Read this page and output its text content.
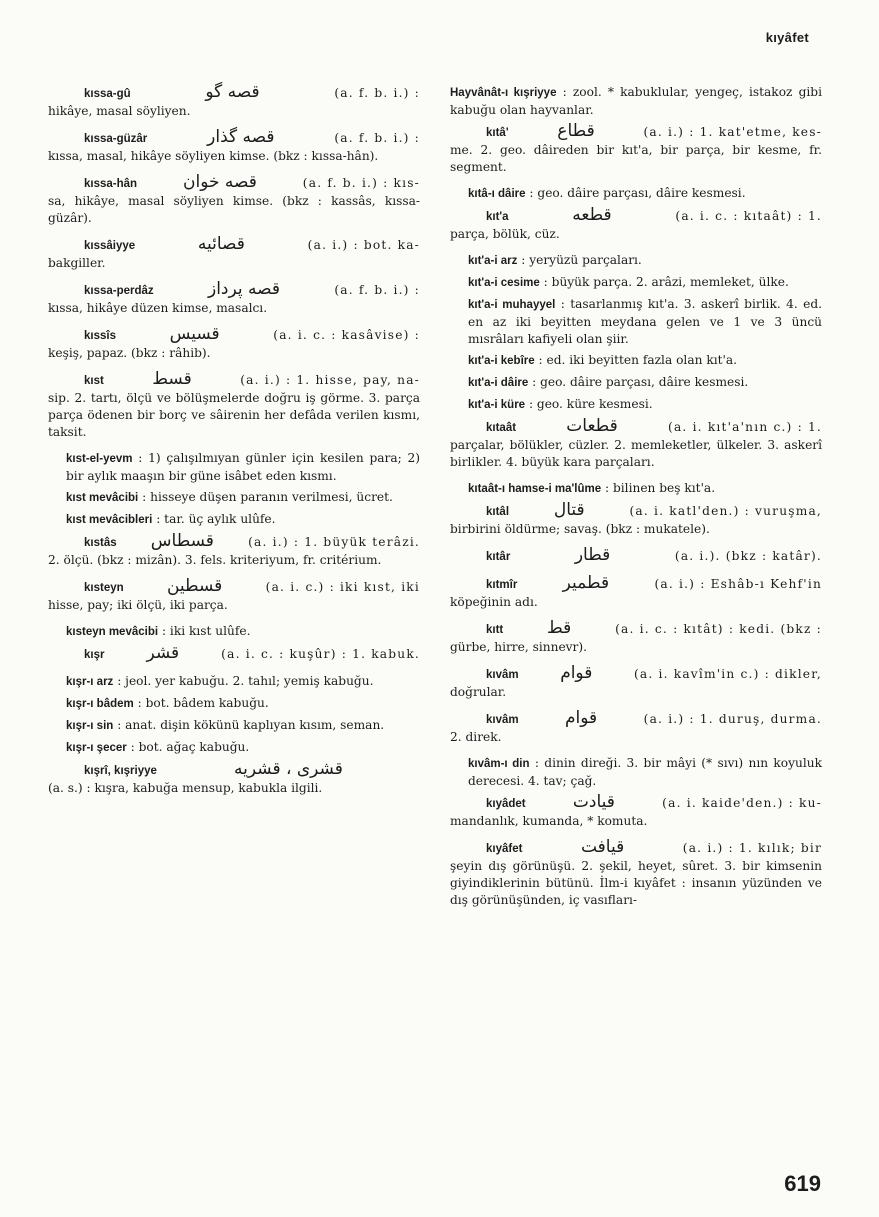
kıyâfet
kıssa-gû	قصه گو	(a. f. b. i.) :
hikâye, masal söyliyen.
kıssa-güzâr	قصه گذار	(a. f. b. i.) :
kıssa, masal, hikâye söyliyen kimse. (bkz : kıssa-hân).
kıssa-hân	قصه خوان	(a. f. b. i.) : kıs-
sa, hikâye, masal söyliyen kimse. (bkz : kassâs, kıssa-güzâr).
kıssâiyye	قصائيه	(a. i.) : bot. ka-
bakgiller.
kıssa-perdâz	قصه پرداز	(a. f. b. i.) :
kıssa, hikâye düzen kimse, masalcı.
kıssîs	قسيس	(a. i. c. : kasâvise) :
keşiş, papaz. (bkz : râhib).
kıst	قسط	(a. i.) : 1. hisse, pay, na-
sip. 2. tartı, ölçü ve bölüşmelerde doğru iş görme. 3. parça parça ödenen bir borç ve sâirenin her defâda verilen kısmı, taksit.
kıst-el-yevm : 1) çalışılmıyan günler için kesilen para; 2) bir aylık maaşın bir güne isâbet eden kısmı.
kıst mevâcibi : hisseye düşen paranın verilmesi, ücret.
kıst mevâcibleri : tar. üç aylık ulûfe.
kıstâs قسطاس	(a. i.) : 1. büyük terâzi.
2. ölçü. (bkz : mizân). 3. fels. kriteriyum, fr. critérium.
kısteyn	قسطين	(a. i. c.) : iki kıst, iki
hisse, pay; iki ölçü, iki parça.
kısteyn mevâcibi : iki kıst ulûfe.
kışr قشر	(a. i. c. : kuşûr) : 1. kabuk.
kışr-ı arz : jeol. yer kabuğu. 2. tahıl; yemiş kabuğu.
kışr-ı bâdem : bot. bâdem kabuğu.
kışr-ı sin : anat. dişin kökünü kaplıyan kısım, seman.
kışr-ı şecer : bot. ağaç kabuğu.
kışrî, kışriyye	قشرى ، قشريه
(a. s.) : kışra, kabuğa mensup, kabukla ilgili.
Hayvânât-ı kışriyye : zool. * kabuklular, yengeç, istakoz gibi kabuğu olan hayvanlar.
kıtâ'	قطاع	(a. i.) : 1. kat'etme, kes-
me. 2. geo. dâireden bir kıt'a, bir parça, bir kesme, fr. segment.
kıtâ-ı dâire : geo. dâire parçası, dâire kesmesi.
kıt'a	قطعه	(a. i. c. : kıtaât) : 1.
parça, bölük, cüz.
kıt'a-i arz : yeryüzü parçaları.
kıt'a-i cesime : büyük parça. 2. arâzi, memleket, ülke.
kıt'a-i muhayyel : tasarlanmış kıt'a. 3. askerî birlik. 4. ed. en az iki beyitten meydana gelen ve 1 ve 3 üncü mısrâları kafiyeli olan şiir.
kıt'a-i kebîre : ed. iki beyitten fazla olan kıt'a.
kıt'a-i dâire : geo. dâire parçası, dâire kesmesi.
kıt'a-i küre : geo. küre kesmesi.
kıtaât	قطعات	(a. i. kıt'a'nın c.) : 1.
parçalar, bölükler, cüzler. 2. memleketler, ülkeler. 3. askerî birlikler. 4. büyük kara parçaları.
kıtaât-ı hamse-i ma'lûme : bilinen beş kıt'a.
kıtâl	قتال	(a. i. katl'den.) : vuruşma,
birbirini öldürme; savaş. (bkz : mukatele).
kıtâr	قطار	(a. i.). (bkz : katâr).
kıtmîr	قطمير	(a. i.) : Eshâb-ı Kehf'in
köpeğinin adı.
kıtt	قط	(a. i. c. : kıtât) : kedi. (bkz :
gürbe, hirre, sinnevr).
kıvâm قوام	(a. i. kavîm'in c.) : dikler,
doğrular.
kıvâm	قوام	(a. i.) : 1. duruş, durma.
2. direk.
kıvâm-ı din : dinin direği. 3. bir mâyi (* sıvı) nın koyuluk derecesi. 4. tav; çağ.
kıyâdet	قيادت	(a. i. kaide'den.) : ku-
mandanlık, kumanda, * komuta.
kıyâfet	قيافت	(a. i.) : 1. kılık; bir
şeyin dış görünüşü. 2. şekil, heyet, sûret. 3. bir kimsenin giyindiklerinin bütünü. İlm-i kıyâfet : insanın yüzünden ve dış görünüşünden, iç vasıfları-
619
